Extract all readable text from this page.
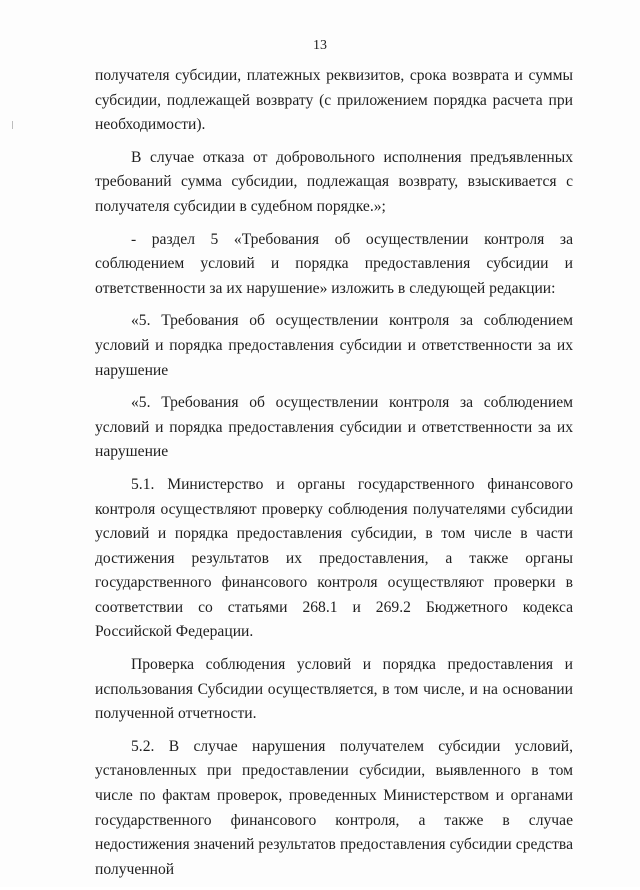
13

получателя субсидии, платежных реквизитов, срока возврата и суммы субсидии, подлежащей возврату (с приложением порядка расчета при необходимости).

В случае отказа от добровольного исполнения предъявленных требований сумма субсидии, подлежащая возврату, взыскивается с получателя субсидии в судебном порядке.»;

- раздел 5 «Требования об осуществлении контроля за соблюдением условий и порядка предоставления субсидии и ответственности за их нарушение» изложить в следующей редакции:

«5. Требования об осуществлении контроля за соблюдением условий и порядка предоставления субсидии и ответственности за их нарушение

«5. Требования об осуществлении контроля за соблюдением условий и порядка предоставления субсидии и ответственности за их нарушение

5.1. Министерство и органы государственного финансового контроля осуществляют проверку соблюдения получателями субсидии условий и порядка предоставления субсидии, в том числе в части достижения результатов их предоставления, а также органы государственного финансового контроля осуществляют проверки в соответствии со статьями 268.1 и 269.2 Бюджетного кодекса Российской Федерации.

Проверка соблюдения условий и порядка предоставления и использования Субсидии осуществляется, в том числе, и на основании полученной отчетности.

5.2. В случае нарушения получателем субсидии условий, установленных при предоставлении субсидии, выявленного в том числе по фактам проверок, проведенных Министерством и органами государственного финансового контроля, а также в случае недостижения значений результатов предоставления субсидии средства полученной
